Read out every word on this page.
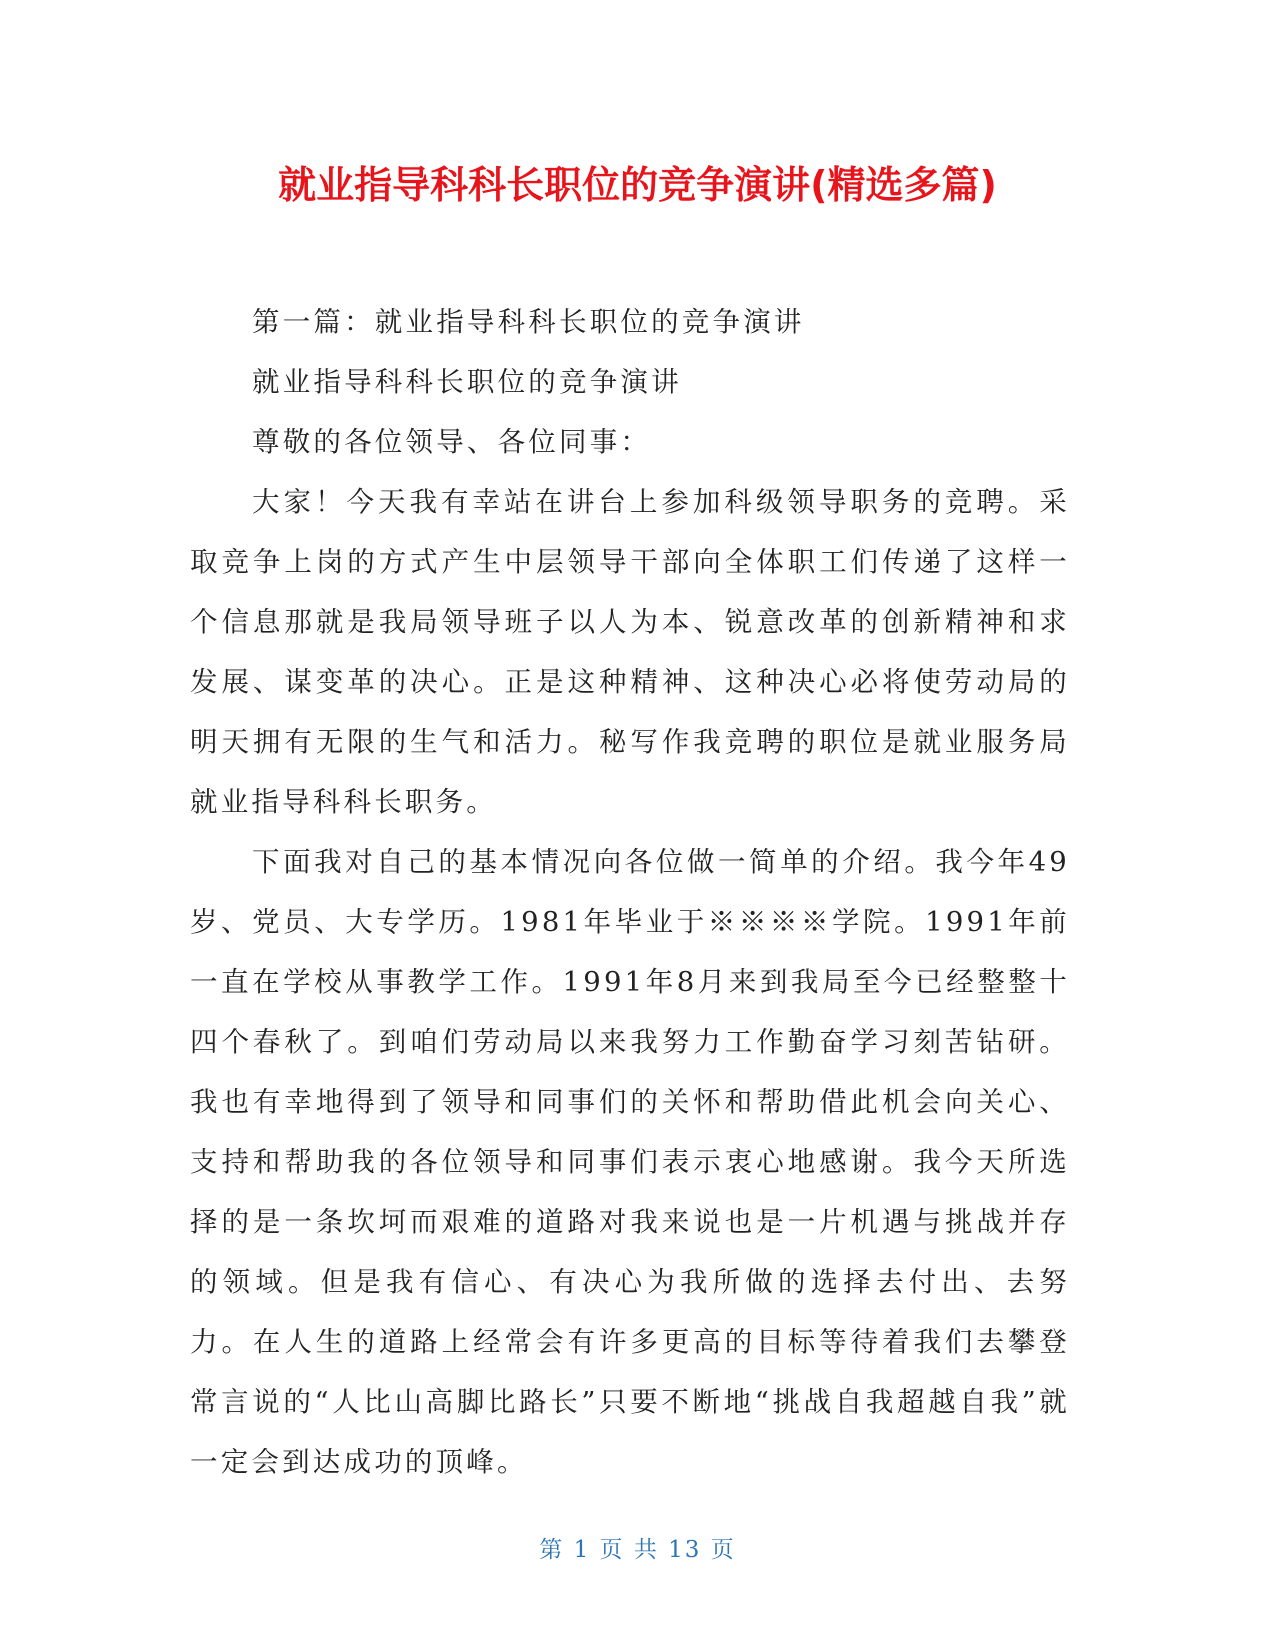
就业指导科科长职位的竞争演讲(精选多篇)

第一篇：就业指导科科长职位的竞争演讲

就业指导科科长职位的竞争演讲

尊敬的各位领导、各位同事：

大家！今天我有幸站在讲台上参加科级领导职务的竞聘。采取竞争上岗的方式产生中层领导干部向全体职工们传递了这样一个信息那就是我局领导班子以人为本、锐意改革的创新精神和求发展、谋变革的决心。正是这种精神、这种决心必将使劳动局的明天拥有无限的生气和活力。秘写作我竞聘的职位是就业服务局就业指导科科长职务。

下面我对自己的基本情况向各位做一简单的介绍。我今年49岁、党员、大专学历。1981年毕业于※※※※学院。1991年前一直在学校从事教学工作。1991年8月来到我局至今已经整整十四个春秋了。到咱们劳动局以来我努力工作勤奋学习刻苦钻研。我也有幸地得到了领导和同事们的关怀和帮助借此机会向关心、支持和帮助我的各位领导和同事们表示衷心地感谢。我今天所选择的是一条坎坷而艰难的道路对我来说也是一片机遇与挑战并存的领域。但是我有信心、有决心为我所做的选择去付出、去努力。在人生的道路上经常会有许多更高的目标等待着我们去攀登常言说的“人比山高脚比路长”只要不断地“挑战自我超越自我”就一定会到达成功的顶峰。

第 1 页 共 13 页
